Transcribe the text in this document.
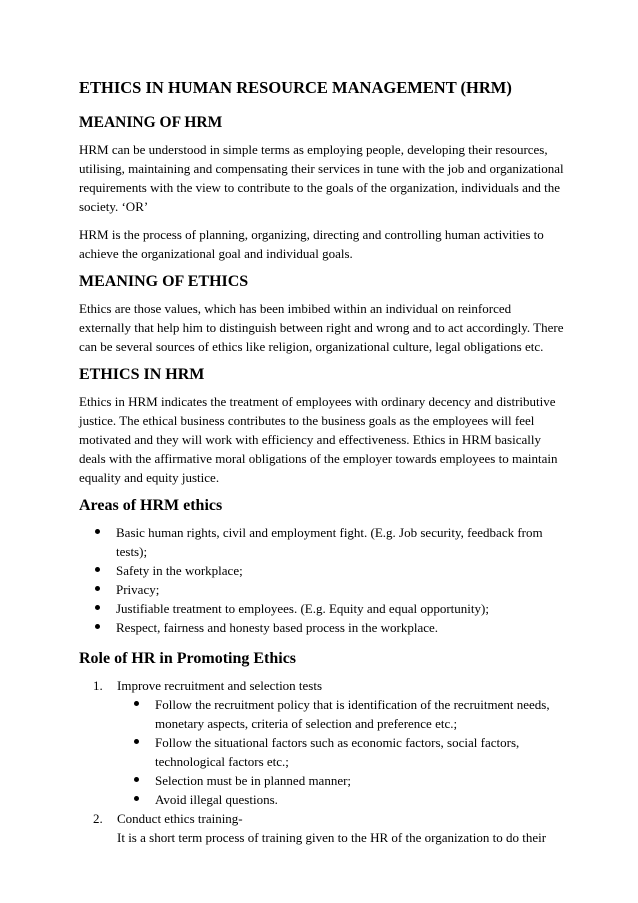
ETHICS IN HUMAN RESOURCE MANAGEMENT (HRM)
MEANING OF HRM

HRM can be understood in simple terms as employing people, developing their resources, utilising, maintaining and compensating their services in tune with the job and organizational requirements with the view to contribute to the goals of the organization, individuals and the society. ‘OR’

HRM is the process of planning, organizing, directing and controlling human activities to achieve the organizational goal and individual goals.

MEANING OF ETHICS

Ethics are those values, which has been imbibed within an individual on reinforced externally that help him to distinguish between right and wrong and to act accordingly. There can be several sources of ethics like religion, organizational culture, legal obligations etc.

ETHICS IN HRM

Ethics in HRM indicates the treatment of employees with ordinary decency and distributive justice. The ethical business contributes to the business goals as the employees will feel motivated and they will work with efficiency and effectiveness. Ethics in HRM basically deals with the affirmative moral obligations of the employer towards employees to maintain equality and equity justice.

Areas of HRM ethics
Basic human rights, civil and employment fight. (E.g. Job security, feedback from tests);
Safety in the workplace;
Privacy;
Justifiable treatment to employees. (E.g. Equity and equal opportunity);
Respect, fairness and honesty based process in the workplace.
Role of HR in Promoting Ethics
1. Improve recruitment and selection tests
Follow the recruitment policy that is identification of the recruitment needs, monetary aspects, criteria of selection and preference etc.;
Follow the situational factors such as economic factors, social factors, technological factors etc.;
Selection must be in planned manner;
Avoid illegal questions.
2. Conduct ethics training-
It is a short term process of training given to the HR of the organization to do their
